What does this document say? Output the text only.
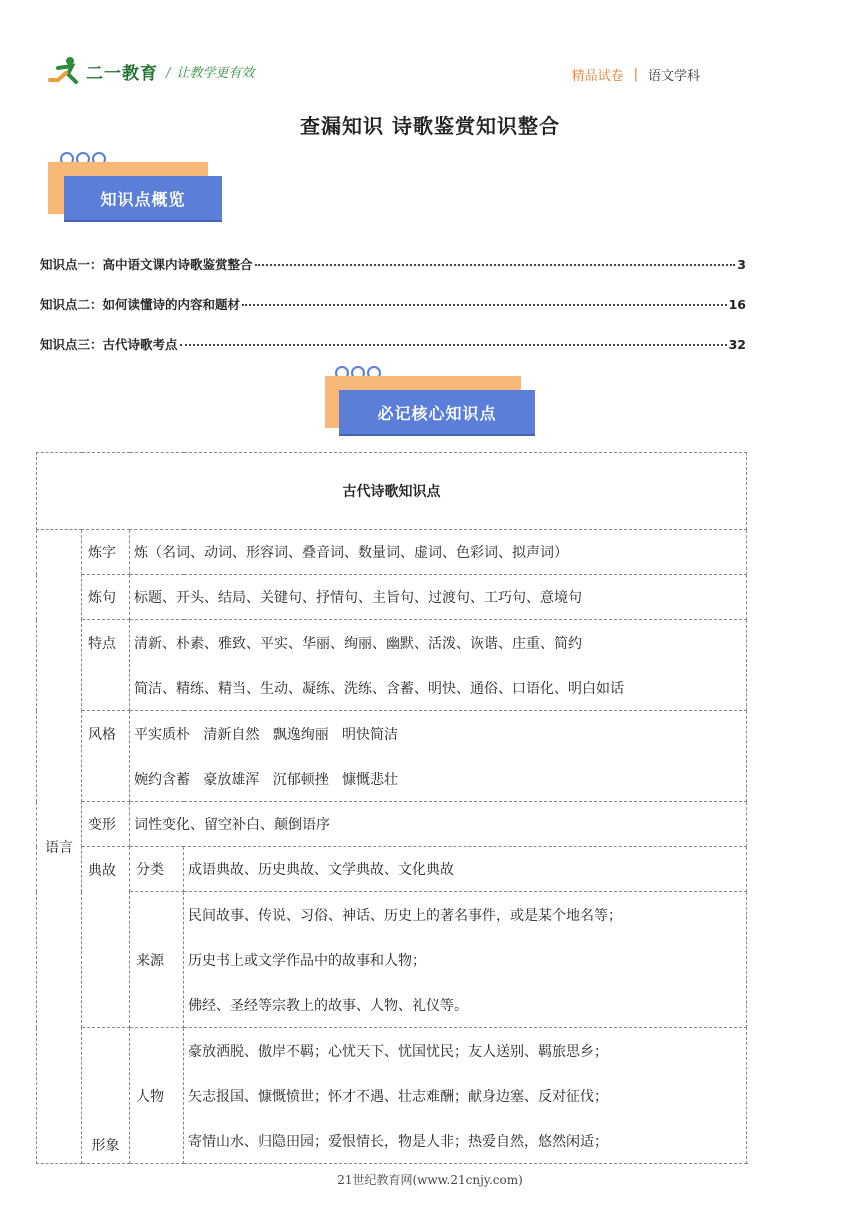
二一教育 / 让教学更有效	精品试卷 | 语文学科
查漏知识 诗歌鉴赏知识整合
知识点概览
知识点一：高中语文课内诗歌鉴赏整合	3
知识点二：如何读懂诗的内容和题材	16
知识点三：古代诗歌考点	32
必记核心知识点
古代诗歌知识点			
语言	炼字	炼（名词、动词、形容词、叠音词、数量词、虚词、色彩词、拟声词）	
	炼句	标题、开头、结局、关键句、抒情句、主旨句、过渡句、工巧句、意境句	

特点	清新、朴素、雅致、平实、华丽、绚丽、幽默、活泼、诙谐、庄重、简约
简洁、精练、精当、生动、凝练、洗练、含蓄、明快、通俗、口语化、明白如话	

风格	平实质朴   清新自然   飘逸绚丽   明快简洁
婉约含蓄   豪放雄浑   沉郁顿挫   慷慨悲壮	

	变形	词性变化、留空补白、颠倒语序	

典故	分类	成语典故、历史典故、文学典故、文化典故
		来源	民间故事、传说、习俗、神话、历史上的著名事件，或是某个地名等；
历史书上或文学作品中的故事和人物；
佛经、圣经等宗教上的故事、人物、礼仪等。

	形象	人物	豪放洒脱、傲岸不羁；心忧天下、忧国忧民；友人送别、羁旅思乡；
矢志报国、慷慨愤世；怀才不遇、壮志难酬；献身边塞、反对征伐；
寄情山水、归隐田园；爱恨情长，物是人非；热爱自然，悠然闲适；
21世纪教育网(www.21cnjy.com)
